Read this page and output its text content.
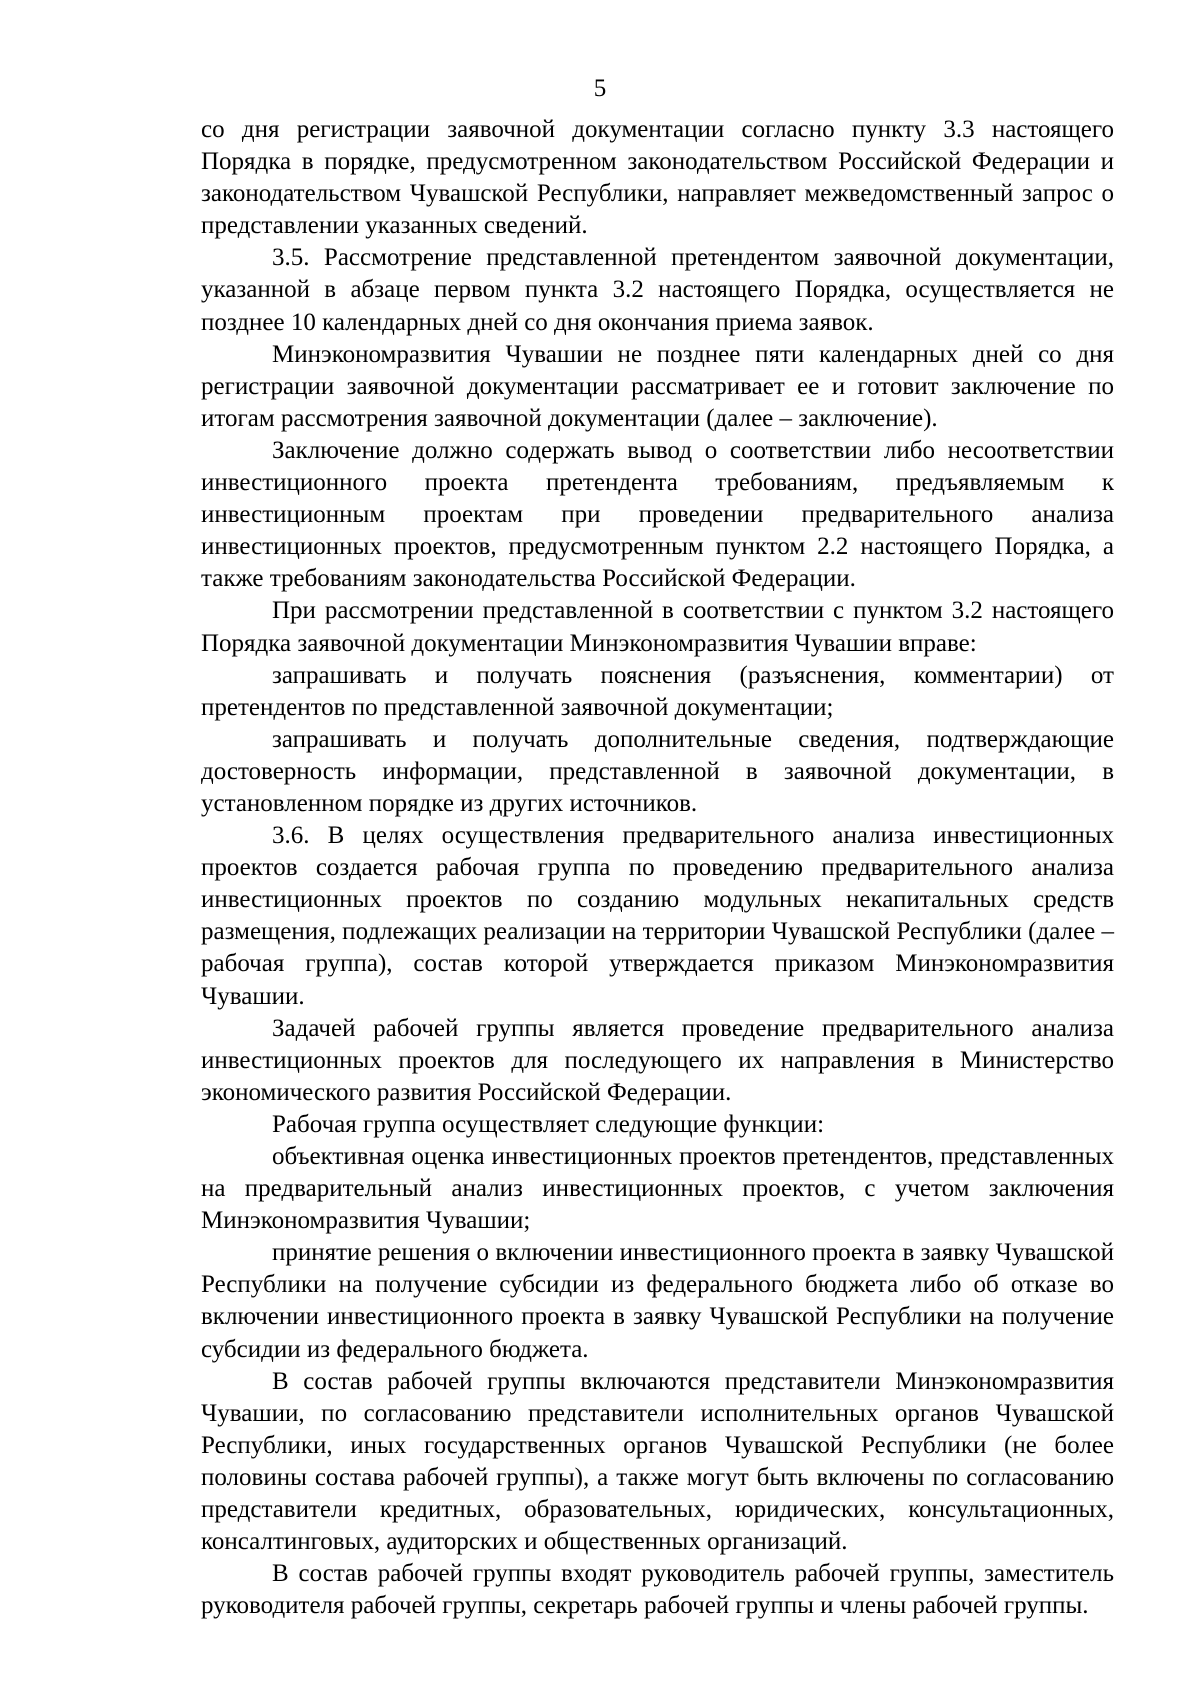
5

со дня регистрации заявочной документации согласно пункту 3.3 настоящего Порядка в порядке, предусмотренном законодательством Российской Федерации и законодательством Чувашской Республики, направляет межведомственный запрос о представлении указанных сведений.

3.5. Рассмотрение представленной претендентом заявочной документации, указанной в абзаце первом пункта 3.2 настоящего Порядка, осуществляется не позднее 10 календарных дней со дня окончания приема заявок.

Минэкономразвития Чувашии не позднее пяти календарных дней со дня регистрации заявочной документации рассматривает ее и готовит заключение по итогам рассмотрения заявочной документации (далее – заключение).

Заключение должно содержать вывод о соответствии либо несоответствии инвестиционного проекта претендента требованиям, предъявляемым к инвестиционным проектам при проведении предварительного анализа инвестиционных проектов, предусмотренным пунктом 2.2 настоящего Порядка, а также требованиям законодательства Российской Федерации.

При рассмотрении представленной в соответствии с пунктом 3.2 настоящего Порядка заявочной документации Минэкономразвития Чувашии вправе:

запрашивать и получать пояснения (разъяснения, комментарии) от претендентов по представленной заявочной документации;

запрашивать и получать дополнительные сведения, подтверждающие достоверность информации, представленной в заявочной документации, в установленном порядке из других источников.

3.6. В целях осуществления предварительного анализа инвестиционных проектов создается рабочая группа по проведению предварительного анализа инвестиционных проектов по созданию модульных некапитальных средств размещения, подлежащих реализации на территории Чувашской Республики (далее – рабочая группа), состав которой утверждается приказом Минэкономразвития Чувашии.

Задачей рабочей группы является проведение предварительного анализа инвестиционных проектов для последующего их направления в Министерство экономического развития Российской Федерации.

Рабочая группа осуществляет следующие функции:

объективная оценка инвестиционных проектов претендентов, представленных на предварительный анализ инвестиционных проектов, с учетом заключения Минэкономразвития Чувашии;

принятие решения о включении инвестиционного проекта в заявку Чувашской Республики на получение субсидии из федерального бюджета либо об отказе во включении инвестиционного проекта в заявку Чувашской Республики на получение субсидии из федерального бюджета.

В состав рабочей группы включаются представители Минэкономразвития Чувашии, по согласованию представители исполнительных органов Чувашской Республики, иных государственных органов Чувашской Республики (не более половины состава рабочей группы), а также могут быть включены по согласованию представители кредитных, образовательных, юридических, консультационных, консалтинговых, аудиторских и общественных организаций.

В состав рабочей группы входят руководитель рабочей группы, заместитель руководителя рабочей группы, секретарь рабочей группы и члены рабочей группы.
